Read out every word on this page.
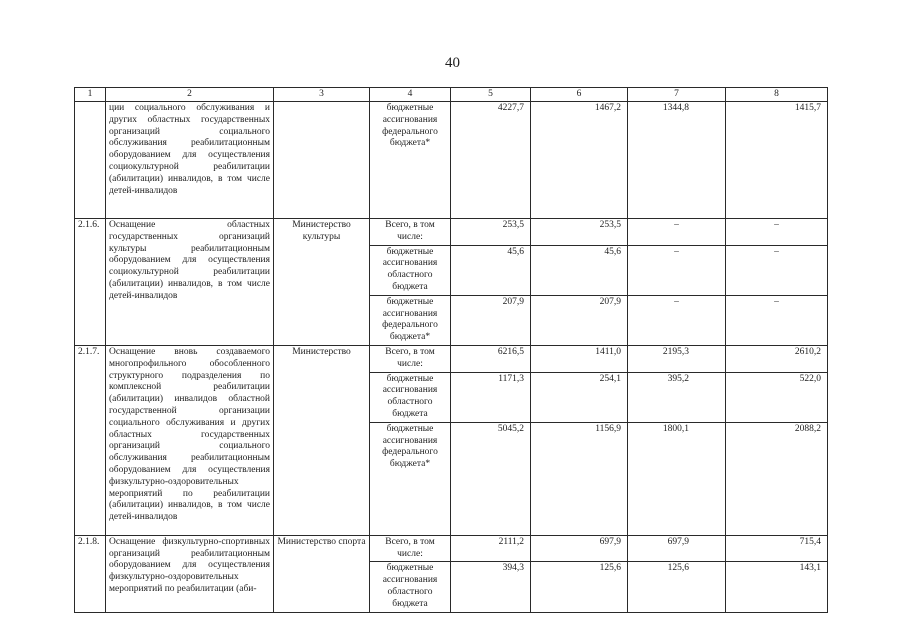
40
1	2	3	4	5	6	7	8
	ции социального обслуживания и других областных государственных организаций социального обслуживания реабилитационным оборудованием для осуществления социокультурной реабилитации (абилитации) инвалидов, в том числе детей-инвалидов		бюджетные ассигнования федерального бюджета*	4227,7	1467,2	1344,8	1415,7
2.1.6.	Оснащение областных государственных организаций культуры реабилитационным оборудованием для осуществления социокультурной реабилитации (абилитации) инвалидов, в том числе детей-инвалидов	Министерство культуры	Всего, в том числе:	253,5	253,5	–	–
			бюджетные ассигнования областного бюджета	45,6	45,6	–	–
			бюджетные ассигнования федерального бюджета*	207,9	207,9	–	–
2.1.7.	Оснащение вновь создаваемого многопрофильного обособленного структурного подразделения по комплексной реабилитации (абилитации) инвалидов областной государственной организации социального обслуживания и других областных государственных организаций социального обслуживания реабилитационным оборудованием для осуществления физкультурно-оздоровительных мероприятий по реабилитации (абилитации) инвалидов, в том числе детей-инвалидов	Министерство	Всего, в том числе:	6216,5	1411,0	2195,3	2610,2
			бюджетные ассигнования областного бюджета	1171,3	254,1	395,2	522,0
			бюджетные ассигнования федерального бюджета*	5045,2	1156,9	1800,1	2088,2
2.1.8.	Оснащение физкультурно-спортивных организаций реабилитационным оборудованием для осуществления физкультурно-оздоровительных мероприятий по реабилитации (аби-	Министерство спорта	Всего, в том числе:	2111,2	697,9	697,9	715,4
			бюджетные ассигнования областного бюджета	394,3	125,6	125,6	143,1
